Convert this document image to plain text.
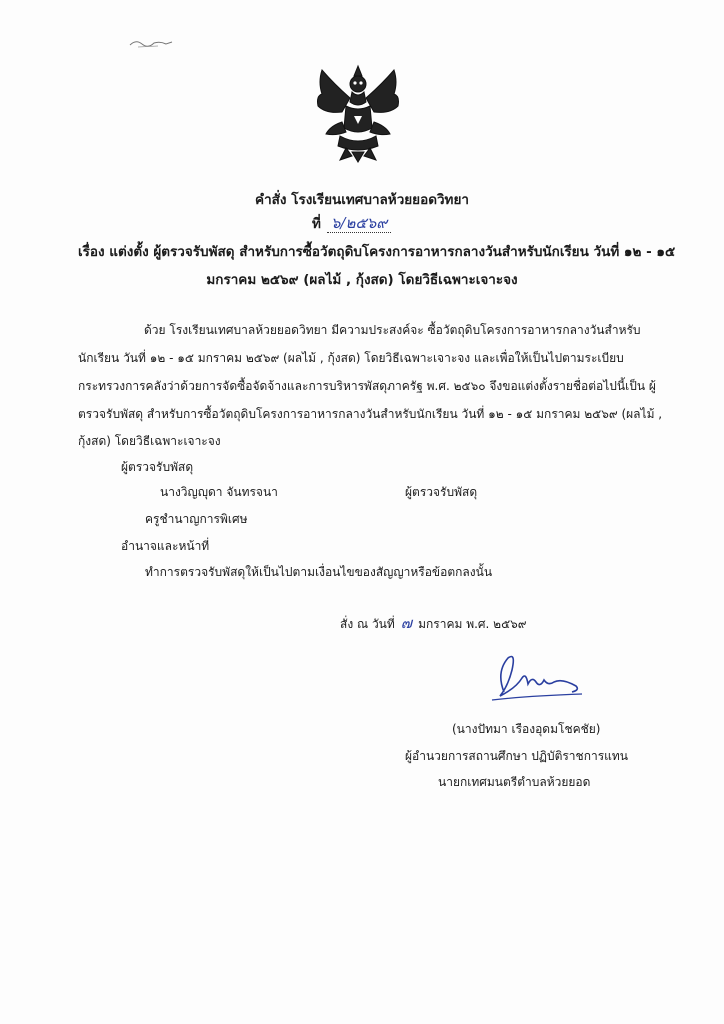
คำสั่ง โรงเรียนเทศบาลห้วยยอดวิทยา
ที่ ๖/๒๕๖๙
เรื่อง แต่งตั้ง ผู้ตรวจรับพัสดุ สำหรับการซื้อวัตถุดิบโครงการอาหารกลางวันสำหรับนักเรียน วันที่ ๑๒ - ๑๕
มกราคม ๒๕๖๙ (ผลไม้ , กุ้งสด) โดยวิธีเฉพาะเจาะจง
ด้วย โรงเรียนเทศบาลห้วยยอดวิทยา มีความประสงค์จะ ซื้อวัตถุดิบโครงการอาหารกลางวันสำหรับ
นักเรียน วันที่ ๑๒ - ๑๕ มกราคม ๒๕๖๙ (ผลไม้ , กุ้งสด) โดยวิธีเฉพาะเจาะจง และเพื่อให้เป็นไปตามระเบียบ
กระทรวงการคลังว่าด้วยการจัดซื้อจัดจ้างและการบริหารพัสดุภาครัฐ พ.ศ. ๒๕๖๐ จึงขอแต่งตั้งรายชื่อต่อไปนี้เป็น ผู้
ตรวจรับพัสดุ สำหรับการซื้อวัตถุดิบโครงการอาหารกลางวันสำหรับนักเรียน วันที่ ๑๒ - ๑๕ มกราคม ๒๕๖๙ (ผลไม้ ,
กุ้งสด) โดยวิธีเฉพาะเจาะจง
ผู้ตรวจรับพัสดุ
นางวิญญุดา จันทรจนา	ผู้ตรวจรับพัสดุ
ครูชำนาญการพิเศษ
อำนาจและหน้าที่
ทำการตรวจรับพัสดุให้เป็นไปตามเงื่อนไขของสัญญาหรือข้อตกลงนั้น
สั่ง ณ วันที่ ๗ มกราคม พ.ศ. ๒๕๖๙
(นางปัทมา เรืองอุดมโชคชัย)
ผู้อำนวยการสถานศึกษา ปฏิบัติราชการแทน
นายกเทศมนตรีตำบลห้วยยอด
